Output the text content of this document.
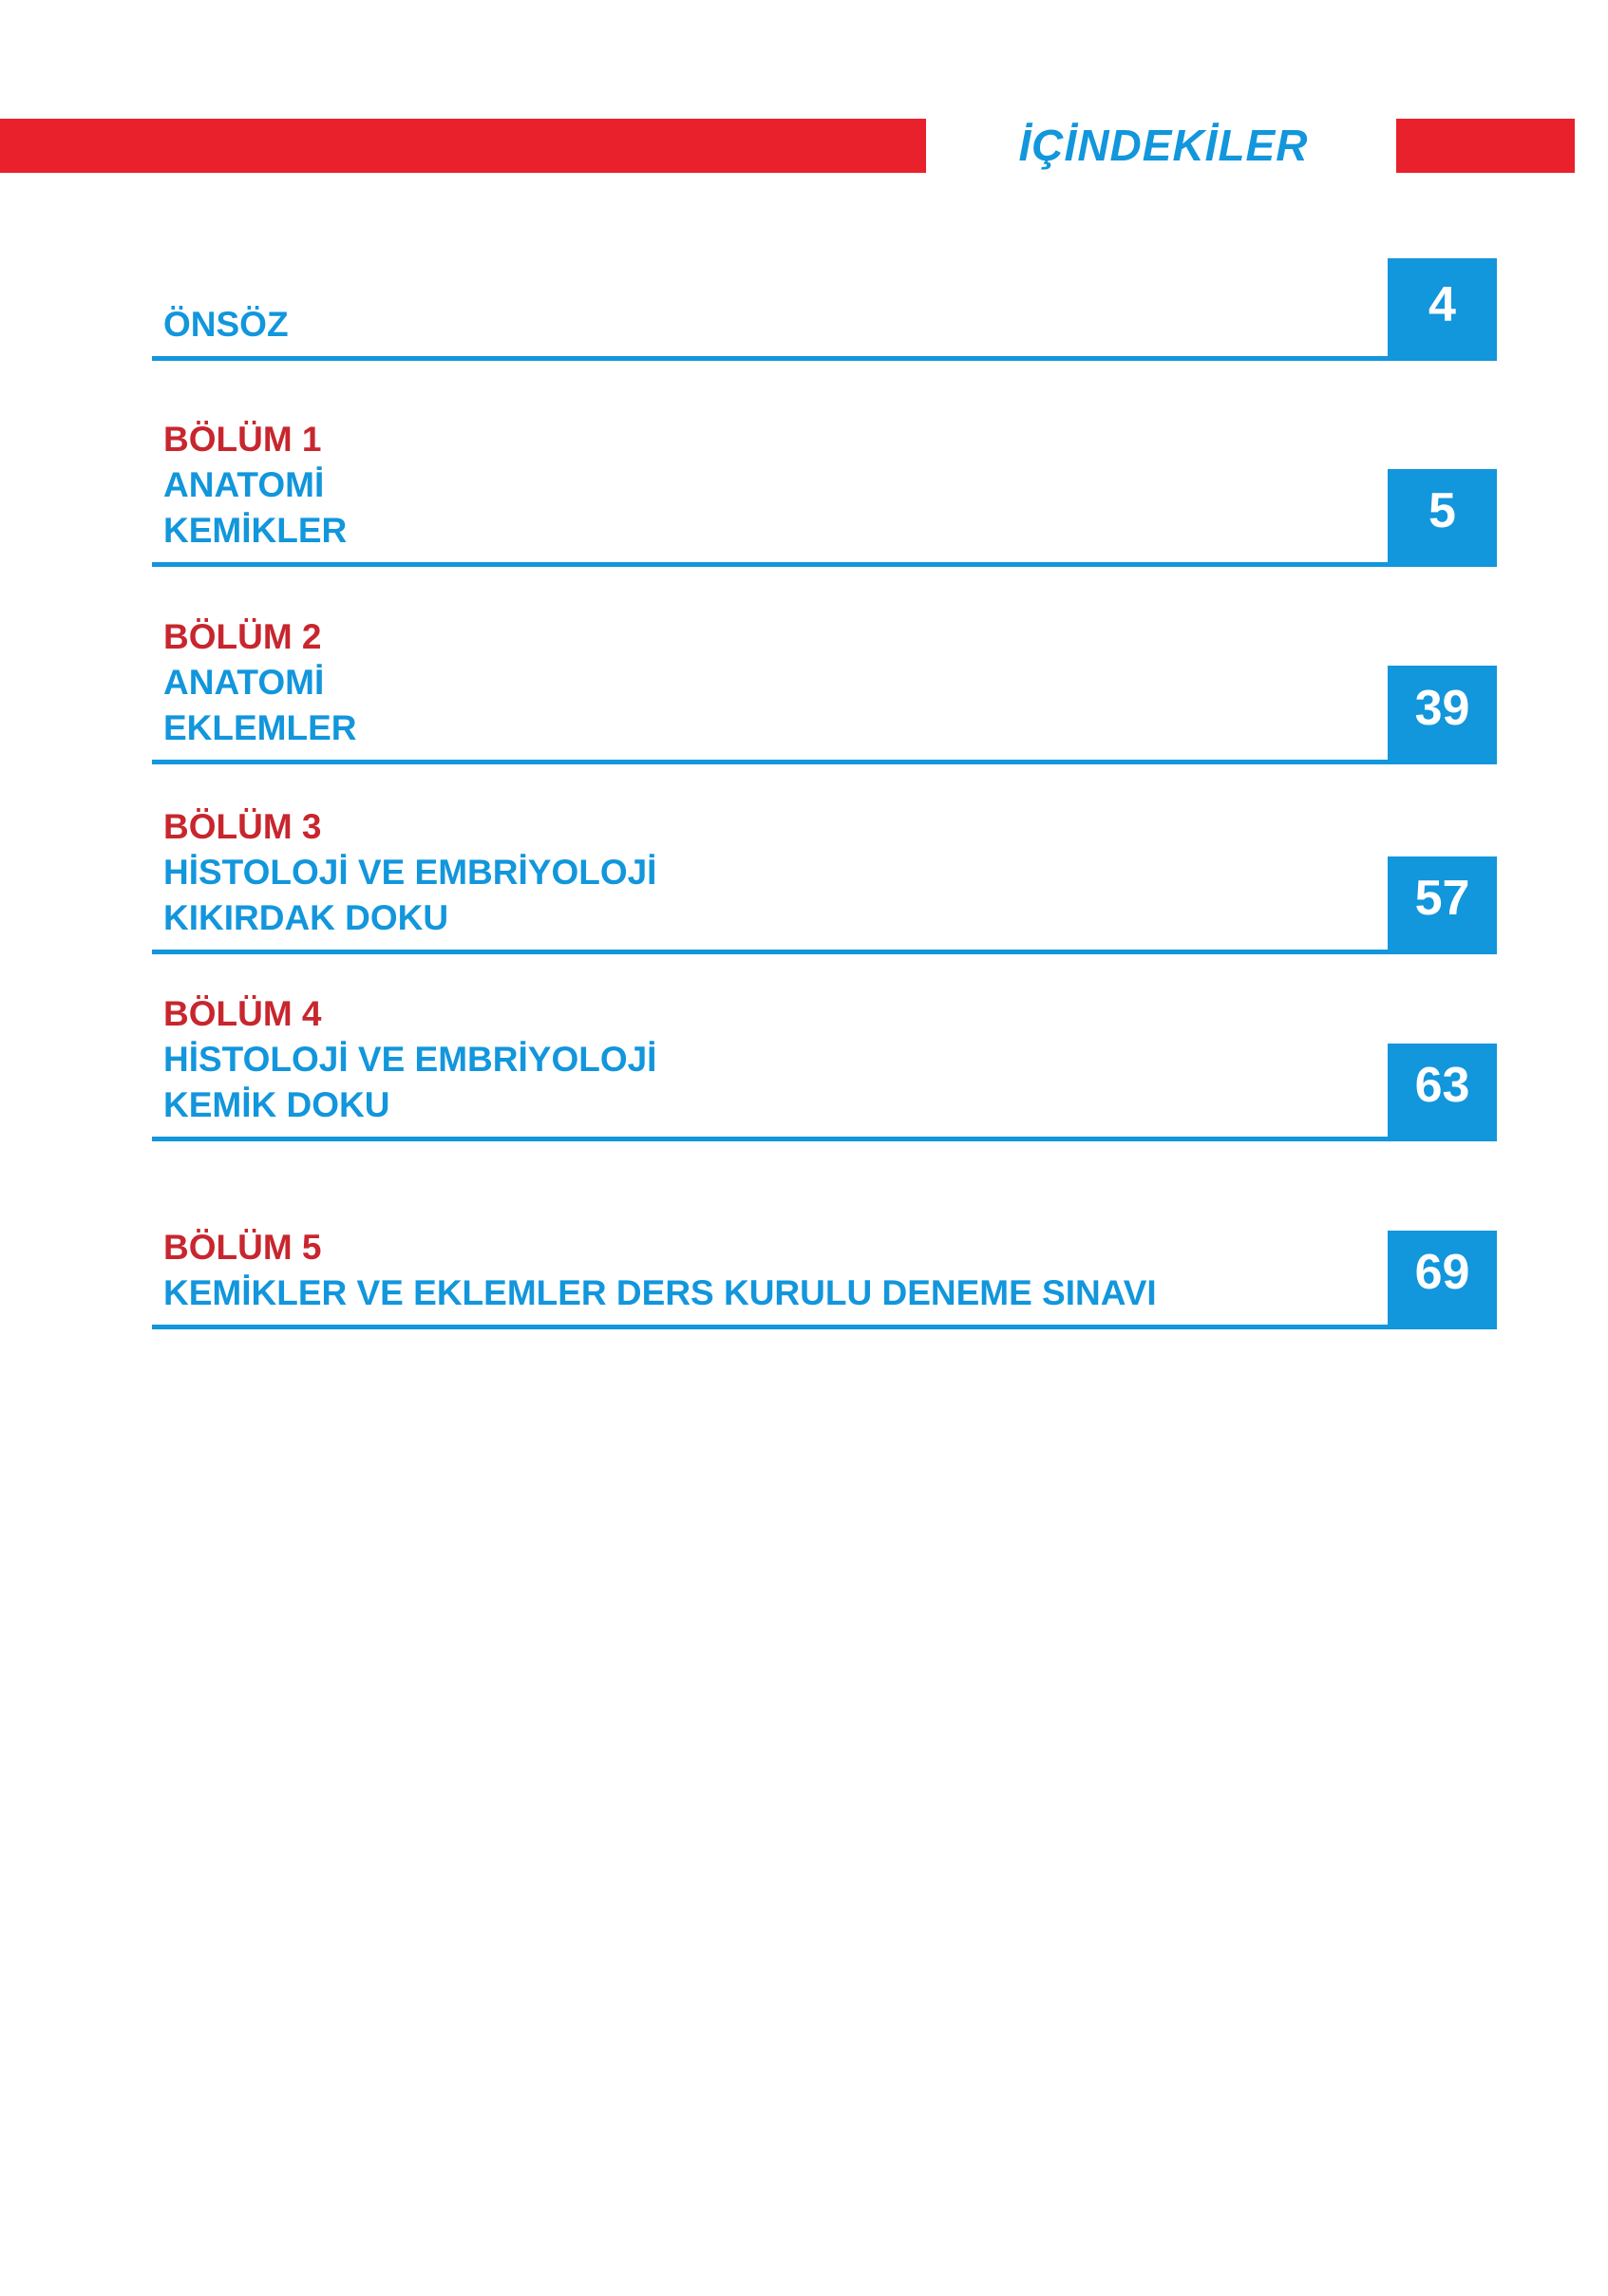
İÇİNDEKİLER
ÖNSÖZ	4
BÖLÜM 1
ANATOMİ
KEMİKLER	5
BÖLÜM 2
ANATOMİ
EKLEMLER	39
BÖLÜM 3
HİSTOLOJİ VE EMBRİYOLOJİ
KIKIRDAK DOKU	57
BÖLÜM 4
HİSTOLOJİ VE EMBRİYOLOJİ
KEMİK DOKU	63
BÖLÜM 5
KEMİKLER VE EKLEMLER DERS KURULU DENEME SINAVI	69
